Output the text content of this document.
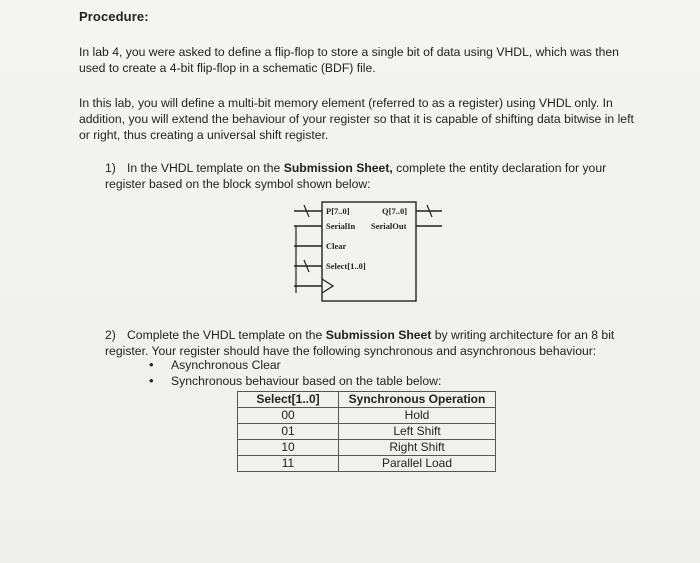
Procedure:
In lab 4, you were asked to define a flip-flop to store a single bit of data using VHDL, which was then used to create a 4-bit flip-flop in a schematic (BDF) file.
In this lab, you will define a multi-bit memory element (referred to as a register) using VHDL only. In addition, you will extend the behaviour of your register so that it is capable of shifting data bitwise in left or right, thus creating a universal shift register.
1) In the VHDL template on the Submission Sheet, complete the entity declaration for your register based on the block symbol shown below:
P[7..0]	Q[7..0]
SerialIn SerialOut
Clear
Select[1..0]
2) Complete the VHDL template on the Submission Sheet by writing architecture for an 8 bit register. Your register should have the following synchronous and asynchronous behaviour:
•	Asynchronous Clear
•	Synchronous behaviour based on the table below:
Select[1..0]	Synchronous Operation
00	Hold
01	Left Shift
10	Right Shift
11	Parallel Load
